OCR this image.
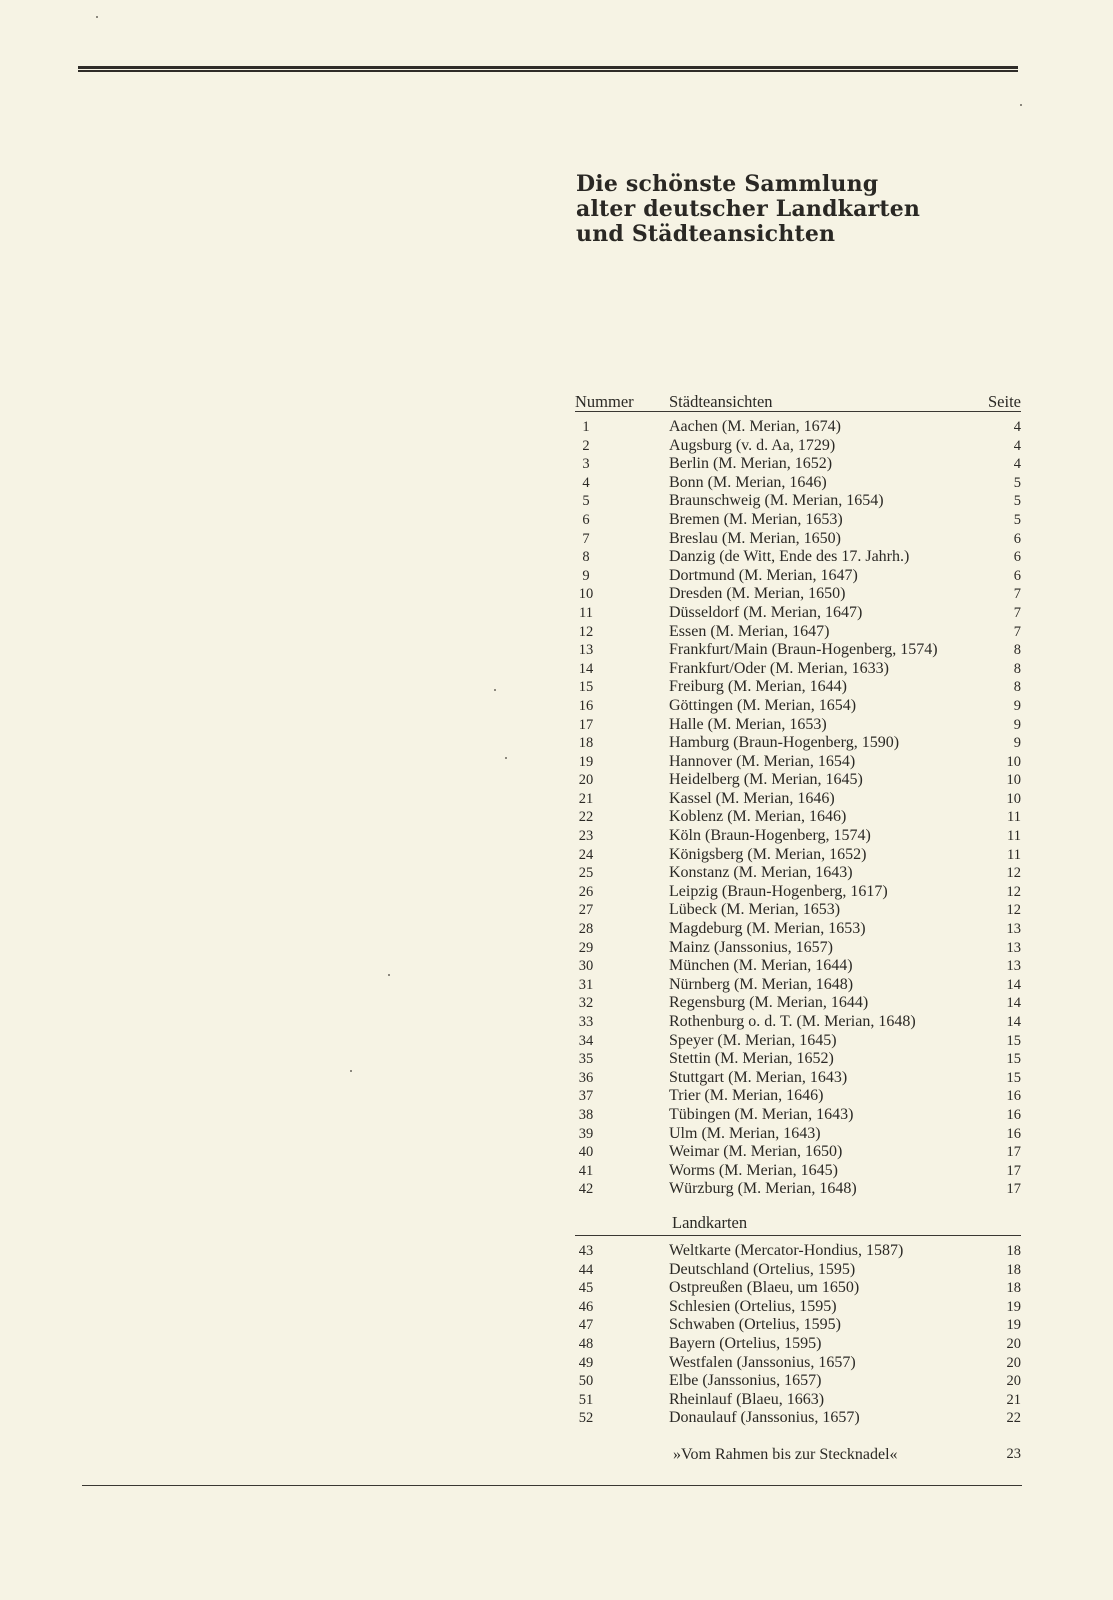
Die schönste Sammlung
alter deutscher Landkarten
und Städteansichten
Nummer Städteansichten	Seite
1	Aachen (M. Merian, 1674)	4
2	Augsburg (v. d. Aa, 1729)	4
3	Berlin (M. Merian, 1652)	4
4	Bonn (M. Merian, 1646)	5
5	Braunschweig (M. Merian, 1654)	5
6	Bremen (M. Merian, 1653)	5
7	Breslau (M. Merian, 1650)	6
8	Danzig (de Witt, Ende des 17. Jahrh.)	6
9	Dortmund (M. Merian, 1647)	6
10	Dresden (M. Merian, 1650)	7
11	Düsseldorf (M. Merian, 1647)	7
12	Essen (M. Merian, 1647)	7
13	Frankfurt/Main (Braun-Hogenberg, 1574)	8
14	Frankfurt/Oder (M. Merian, 1633)	8
15	Freiburg (M. Merian, 1644)	8
16	Göttingen (M. Merian, 1654)	9
17	Halle (M. Merian, 1653)	9
18	Hamburg (Braun-Hogenberg, 1590)	9
19	Hannover (M. Merian, 1654)	10
20	Heidelberg (M. Merian, 1645)	10
21	Kassel (M. Merian, 1646)	10
22	Koblenz (M. Merian, 1646)	11
23	Köln (Braun-Hogenberg, 1574)	11
24	Königsberg (M. Merian, 1652)	11
25	Konstanz (M. Merian, 1643)	12
26	Leipzig (Braun-Hogenberg, 1617)	12
27	Lübeck (M. Merian, 1653)	12
28	Magdeburg (M. Merian, 1653)	13
29	Mainz (Janssonius, 1657)	13
30	München (M. Merian, 1644)	13
31	Nürnberg (M. Merian, 1648)	14
32	Regensburg (M. Merian, 1644)	14
33	Rothenburg o. d. T. (M. Merian, 1648)	14
34	Speyer (M. Merian, 1645)	15
35	Stettin (M. Merian, 1652)	15
36	Stuttgart (M. Merian, 1643)	15
37	Trier (M. Merian, 1646)	16
38	Tübingen (M. Merian, 1643)	16
39	Ulm (M. Merian, 1643)	16
40	Weimar (M. Merian, 1650)	17
41	Worms (M. Merian, 1645)	17
42	Würzburg (M. Merian, 1648)	17
Landkarten
43	Weltkarte (Mercator-Hondius, 1587)	18
44	Deutschland (Ortelius, 1595)	18
45	Ostpreußen (Blaeu, um 1650)	18
46	Schlesien (Ortelius, 1595)	19
47	Schwaben (Ortelius, 1595)	19
48	Bayern (Ortelius, 1595)	20
49	Westfalen (Janssonius, 1657)	20
50	Elbe (Janssonius, 1657)	20
51	Rheinlauf (Blaeu, 1663)	21
52	Donaulauf (Janssonius, 1657)	22
»Vom Rahmen bis zur Stecknadel«	23
